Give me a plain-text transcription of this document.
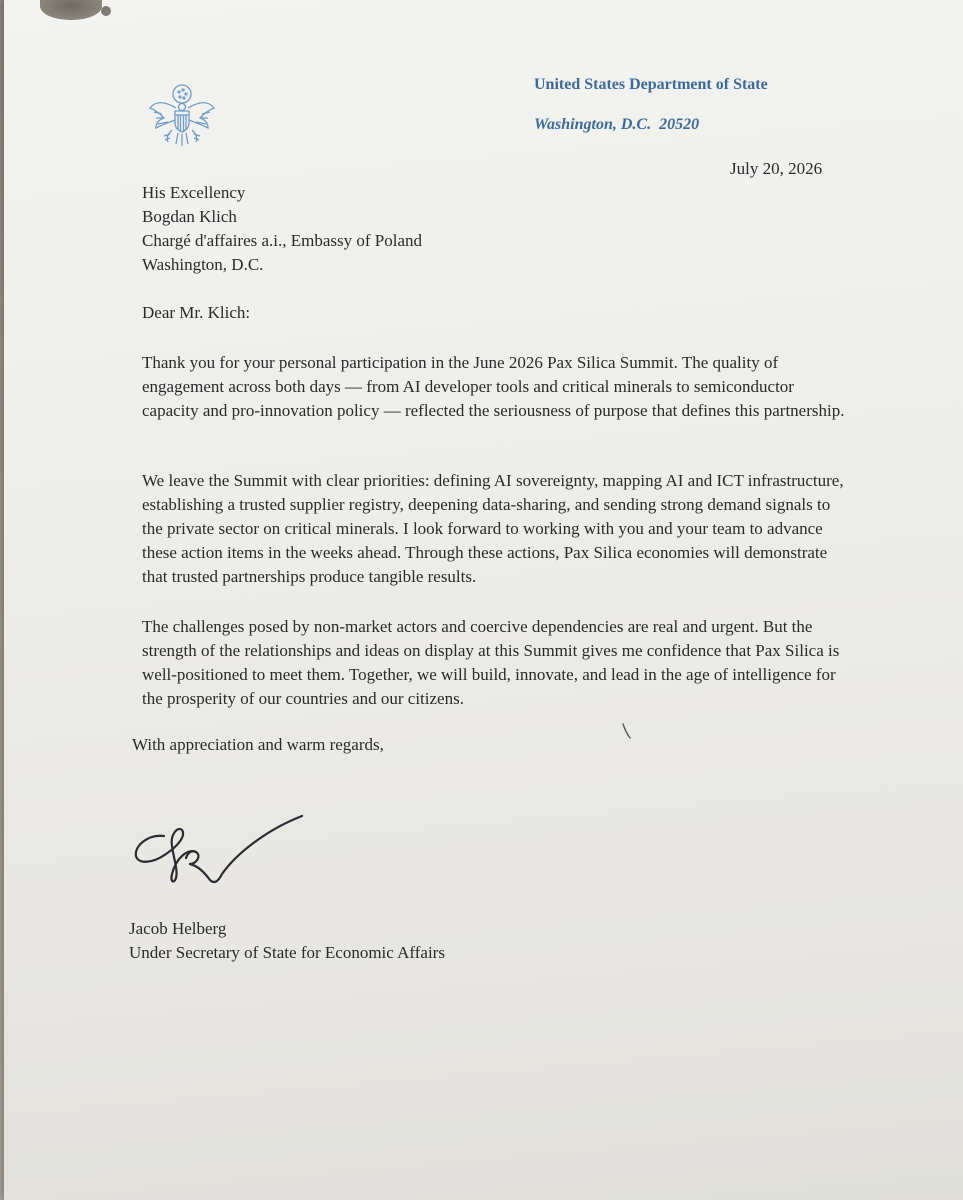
United States Department of State
Washington, D.C.  20520
July 20, 2026
His Excellency
Bogdan Klich
Chargé d'affaires a.i., Embassy of Poland
Washington, D.C.
Dear Mr. Klich:
Thank you for your personal participation in the June 2026 Pax Silica Summit. The quality of engagement across both days — from AI developer tools and critical minerals to semiconductor capacity and pro-innovation policy — reflected the seriousness of purpose that defines this partnership.
We leave the Summit with clear priorities: defining AI sovereignty, mapping AI and ICT infrastructure, establishing a trusted supplier registry, deepening data-sharing, and sending strong demand signals to the private sector on critical minerals. I look forward to working with you and your team to advance these action items in the weeks ahead. Through these actions, Pax Silica economies will demonstrate that trusted partnerships produce tangible results.
The challenges posed by non-market actors and coercive dependencies are real and urgent. But the strength of the relationships and ideas on display at this Summit gives me confidence that Pax Silica is well-positioned to meet them. Together, we will build, innovate, and lead in the age of intelligence for the prosperity of our countries and our citizens.
With appreciation and warm regards,
Jacob Helberg
Under Secretary of State for Economic Affairs
